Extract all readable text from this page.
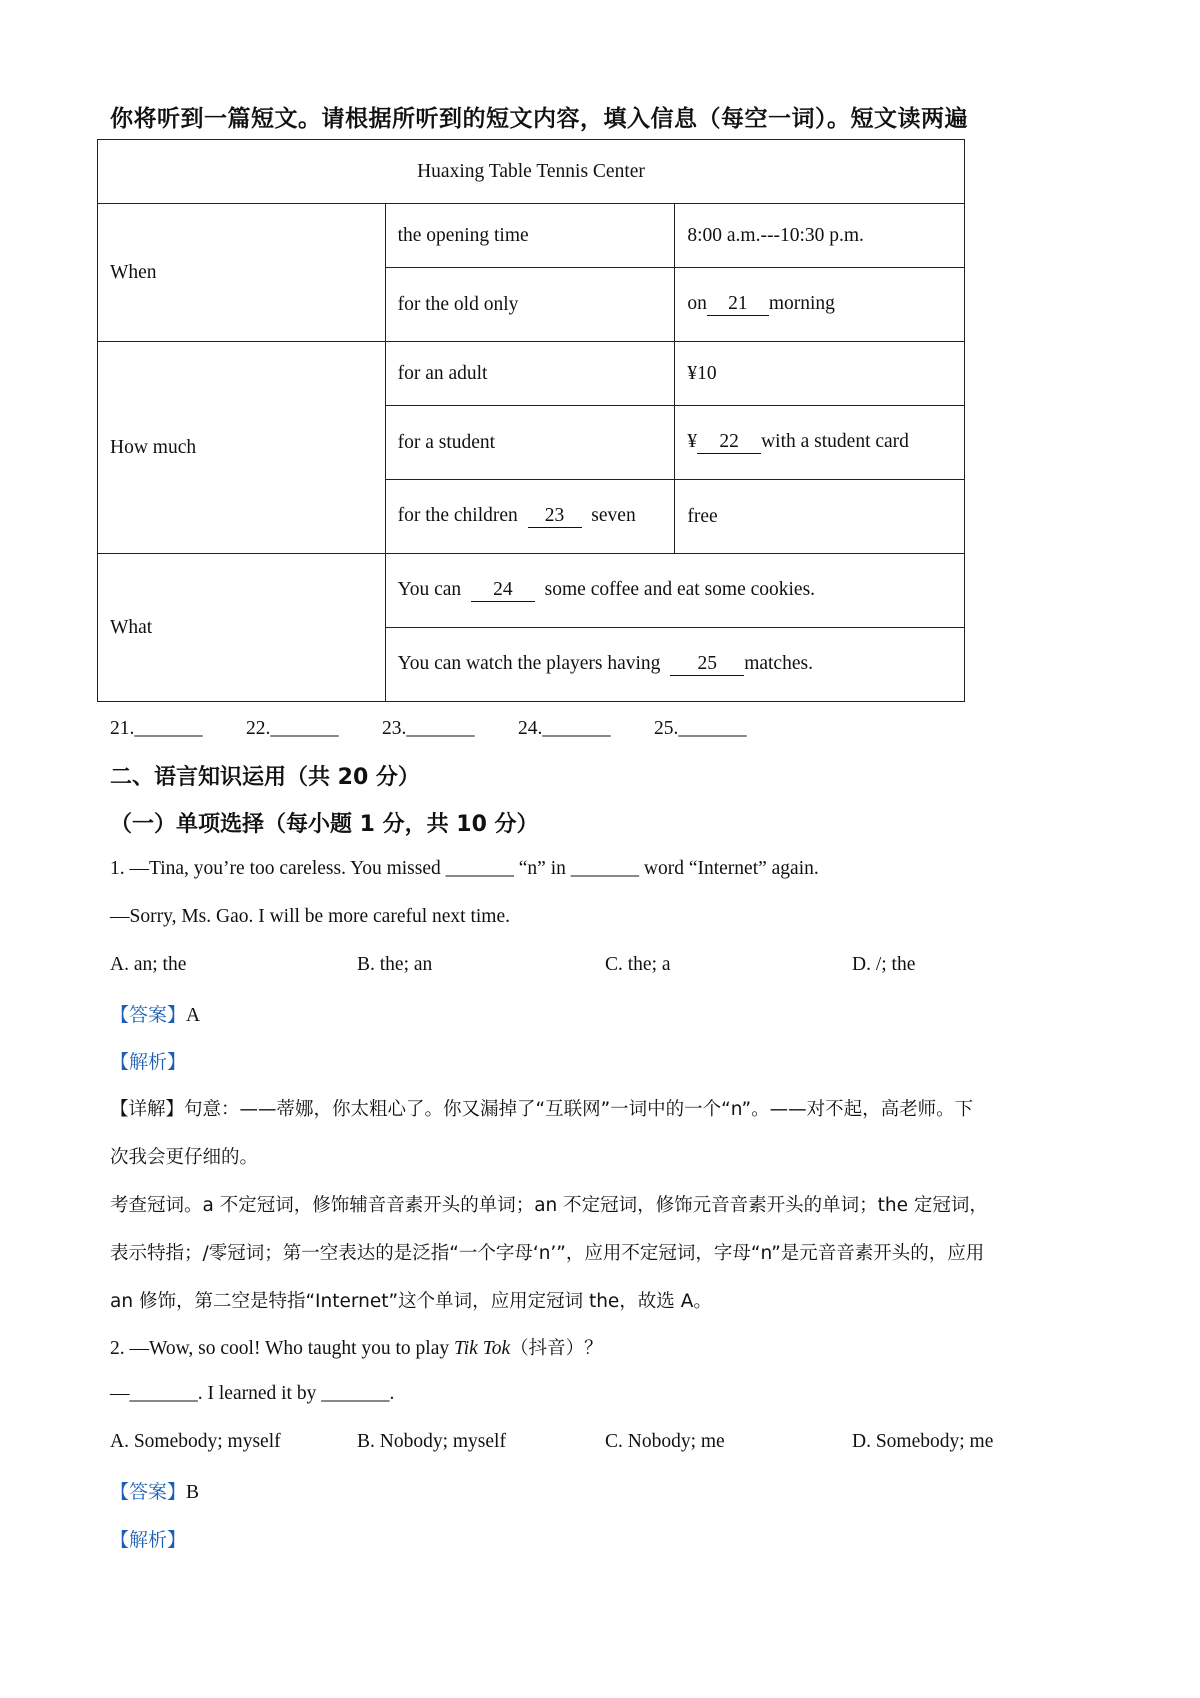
你将听到一篇短文。请根据所听到的短文内容，填入信息（每空一词）。短文读两遍
Huaxing Table Tennis Center		
When	the opening time	8:00 a.m.---10:30 p.m.
	for the old only	on 21 morning
How much	for an adult	¥10
	for a student	¥ 22 with a student card
	for the children 23 seven	free
What	You can 24 some coffee and eat some cookies.	
	You can watch the players having 25 matches.	
21._______ 22._______ 23._______ 24._______ 25._______
二、语言知识运用（共 20 分）
（一）单项选择（每小题 1 分，共 10 分）
1. —Tina, you’re too careless. You missed _______ “n” in _______ word “Internet” again.
—Sorry, Ms. Gao. I will be more careful next time.
A. an; the	B. the; an	C. the; a	D. /; the
【答案】A
【解析】
【详解】句意：——蒂娜，你太粗心了。你又漏掉了“互联网”一词中的一个“n”。——对不起，高老师。下
次我会更仔细的。
考查冠词。a 不定冠词，修饰辅音音素开头的单词；an 不定冠词，修饰元音音素开头的单词；the 定冠词，
表示特指；/零冠词；第一空表达的是泛指“一个字母‘n’”，应用不定冠词，字母“n”是元音音素开头的，应用
an 修饰，第二空是特指“Internet”这个单词，应用定冠词 the，故选 A。
2. —Wow, so cool! Who taught you to play Tik Tok（抖音）？
—_______. I learned it by _______.
A. Somebody; myself	B. Nobody; myself	C. Nobody; me	D. Somebody; me
【答案】B
【解析】
